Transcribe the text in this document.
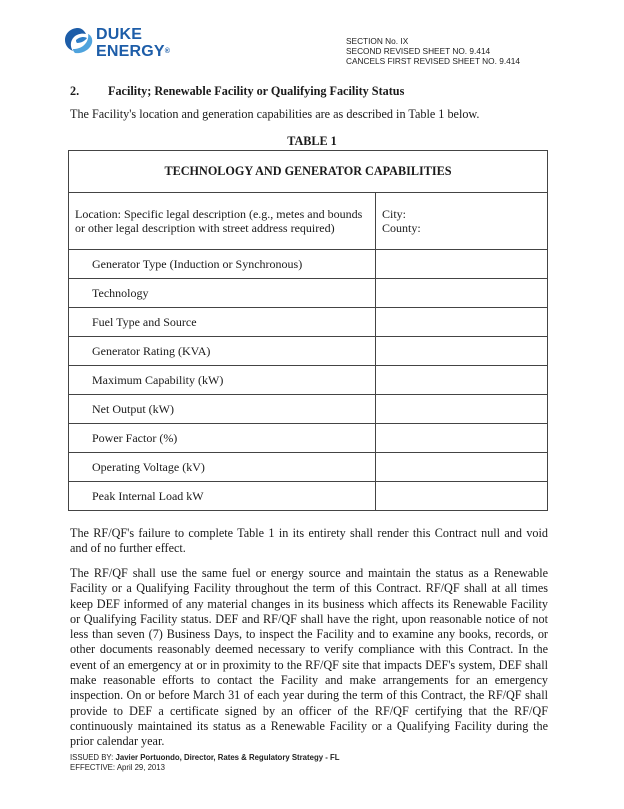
DUKE
ENERGY®
SECTION No. IX
SECOND REVISED SHEET NO. 9.414
CANCELS FIRST REVISED SHEET NO. 9.414
2. Facility; Renewable Facility or Qualifying Facility Status
The Facility's location and generation capabilities are as described in Table 1 below.
TABLE 1
TECHNOLOGY AND GENERATOR CAPABILITIES	
Location: Specific legal description (e.g., metes and bounds or other legal description with street address required)	City:
County:

Generator Type (Induction or Synchronous)	
Technology	
Fuel Type and Source	
Generator Rating (KVA)	
Maximum Capability (kW)	
Net Output (kW)	
Power Factor (%)	
Operating Voltage (kV)	
Peak Internal Load kW	
The RF/QF's failure to complete Table 1 in its entirety shall render this Contract null and void and of no further effect.
The RF/QF shall use the same fuel or energy source and maintain the status as a Renewable Facility or a Qualifying Facility throughout the term of this Contract. RF/QF shall at all times keep DEF informed of any material changes in its business which affects its Renewable Facility or Qualifying Facility status. DEF and RF/QF shall have the right, upon reasonable notice of not less than seven (7) Business Days, to inspect the Facility and to examine any books, records, or other documents reasonably deemed necessary to verify compliance with this Contract. In the event of an emergency at or in proximity to the RF/QF site that impacts DEF's system, DEF shall make reasonable efforts to contact the Facility and make arrangements for an emergency inspection. On or before March 31 of each year during the term of this Contract, the RF/QF shall provide to DEF a certificate signed by an officer of the RF/QF certifying that the RF/QF continuously maintained its status as a Renewable Facility or a Qualifying Facility during the prior calendar year.
ISSUED BY: Javier Portuondo, Director, Rates & Regulatory Strategy - FL
EFFECTIVE: April 29, 2013
